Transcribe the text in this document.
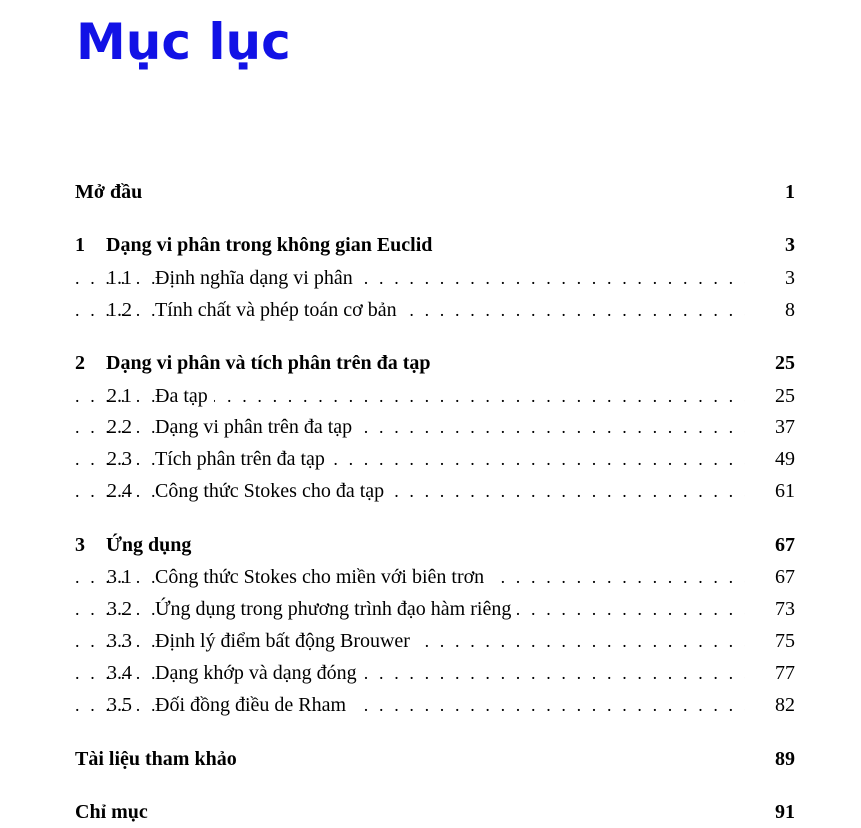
Mục lục
Mở đầu	1
1 Dạng vi phân trong không gian Euclid	3
. . .
1.1 Định nghĩa dạng vi phân	3
. . .
1.2 Tính chất và phép toán cơ bản	8
2 Dạng vi phân và tích phân trên đa tạp	25
. . .
2.1 Đa tạp	25
. . .
2.2 Dạng vi phân trên đa tạp	37
. . .
2.3 Tích phân trên đa tạp	49
. . .
2.4 Công thức Stokes cho đa tạp	61
3 Ứng dụng	67
. . .
3.1 Công thức Stokes cho miền với biên trơn	67
. . .
3.2 Ứng dụng trong phương trình đạo hàm riêng	73
. . .
3.3 Định lý điểm bất động Brouwer	75
. . .
3.4 Dạng khớp và dạng đóng	77
. . .
3.5 Đối đồng điều de Rham	82
Tài liệu tham khảo	89
Chỉ mục	91
